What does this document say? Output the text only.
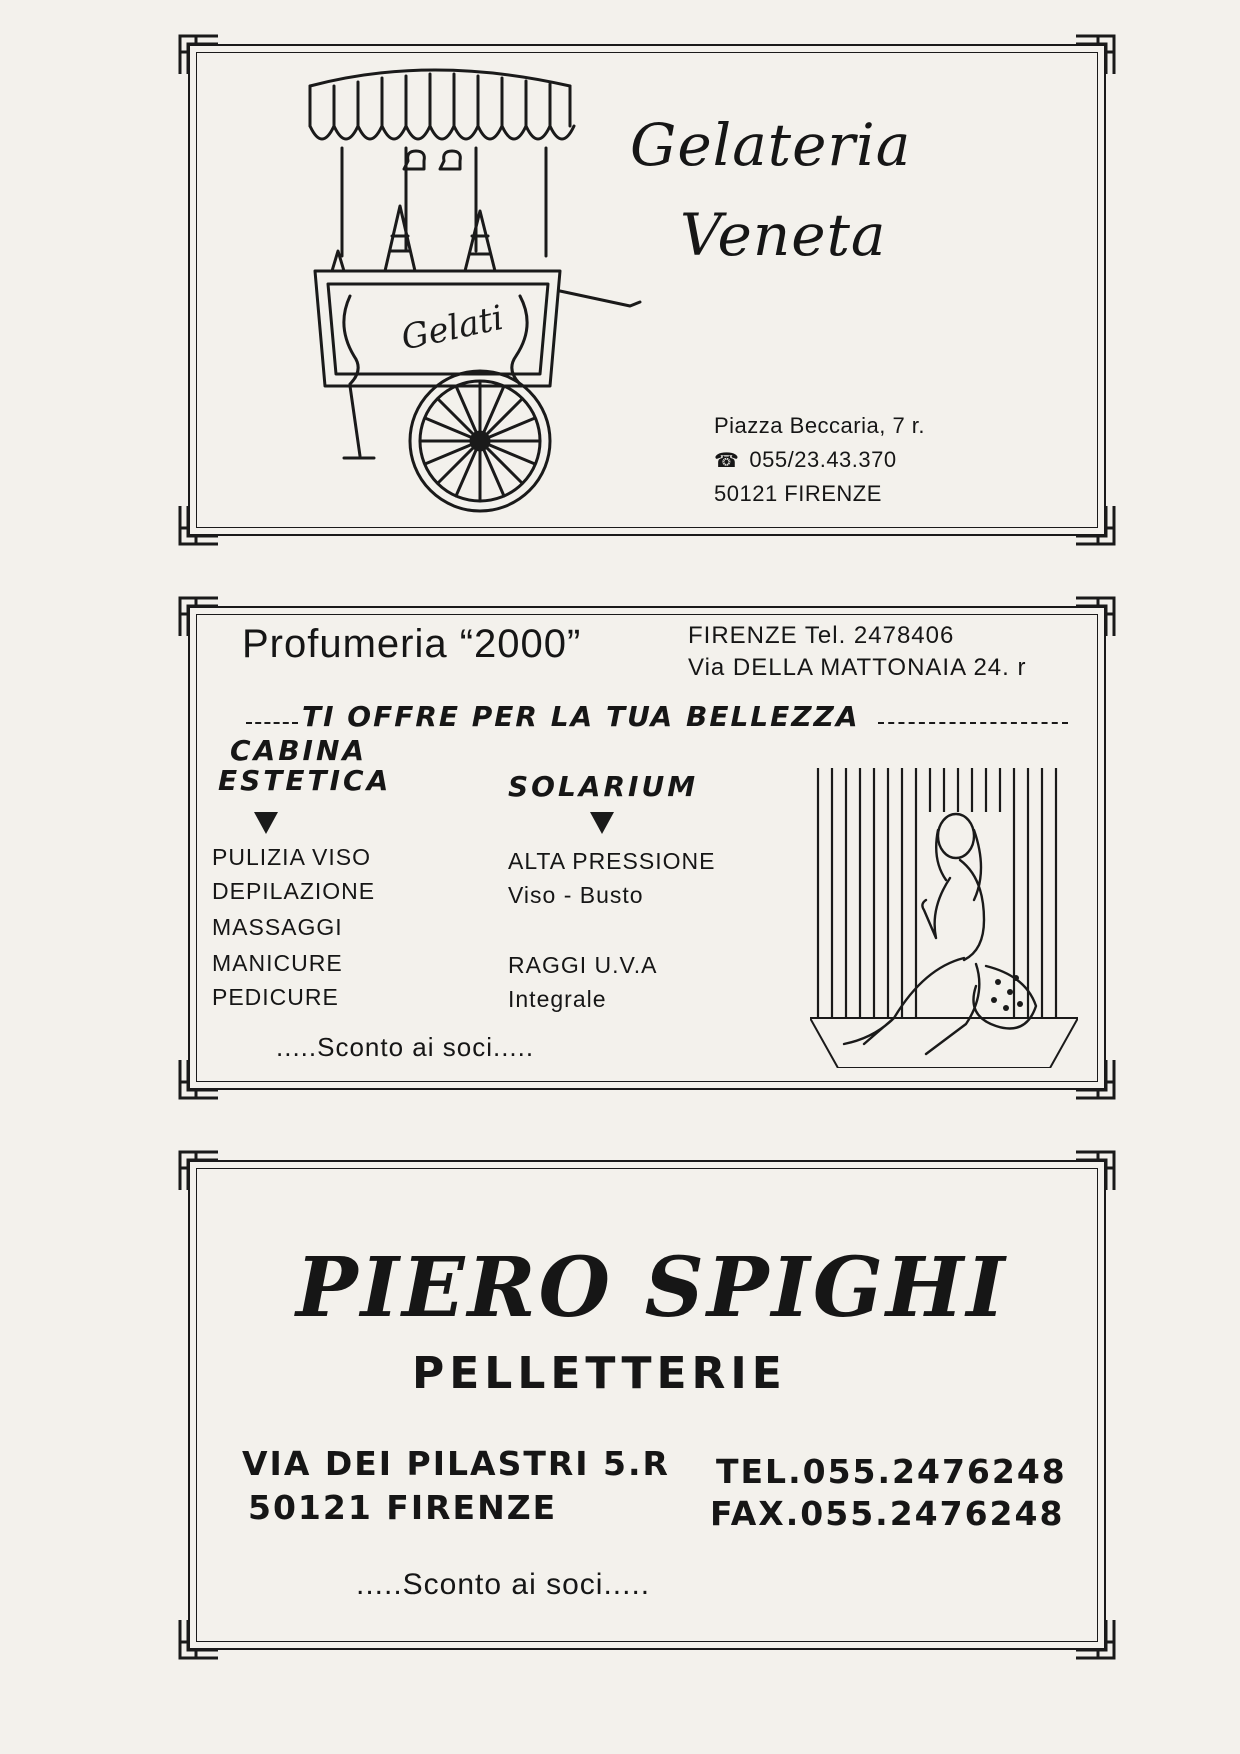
Gelati
Gelateria
Veneta
Piazza Beccaria, 7 r.
☎ 055/23.43.370
50121 FIRENZE
Profumeria “2000”	FIRENZE Tel. 2478406
Via DELLA MATTONAIA 24. r
TI OFFRE PER LA TUA BELLEZZA
CABINA
ESTETICA	SOLARIUM
PULIZIA VISO
DEPILAZIONE
MASSAGGI
MANICURE
PEDICURE
ALTA PRESSIONE
Viso - Busto
RAGGI U.V.A
Integrale
.....Sconto ai soci.....
PIERO SPIGHI
PELLETTERIE
VIA DEI PILASTRI 5.R
50121 FIRENZE
TEL.055.2476248
FAX.055.2476248
.....Sconto ai soci.....
